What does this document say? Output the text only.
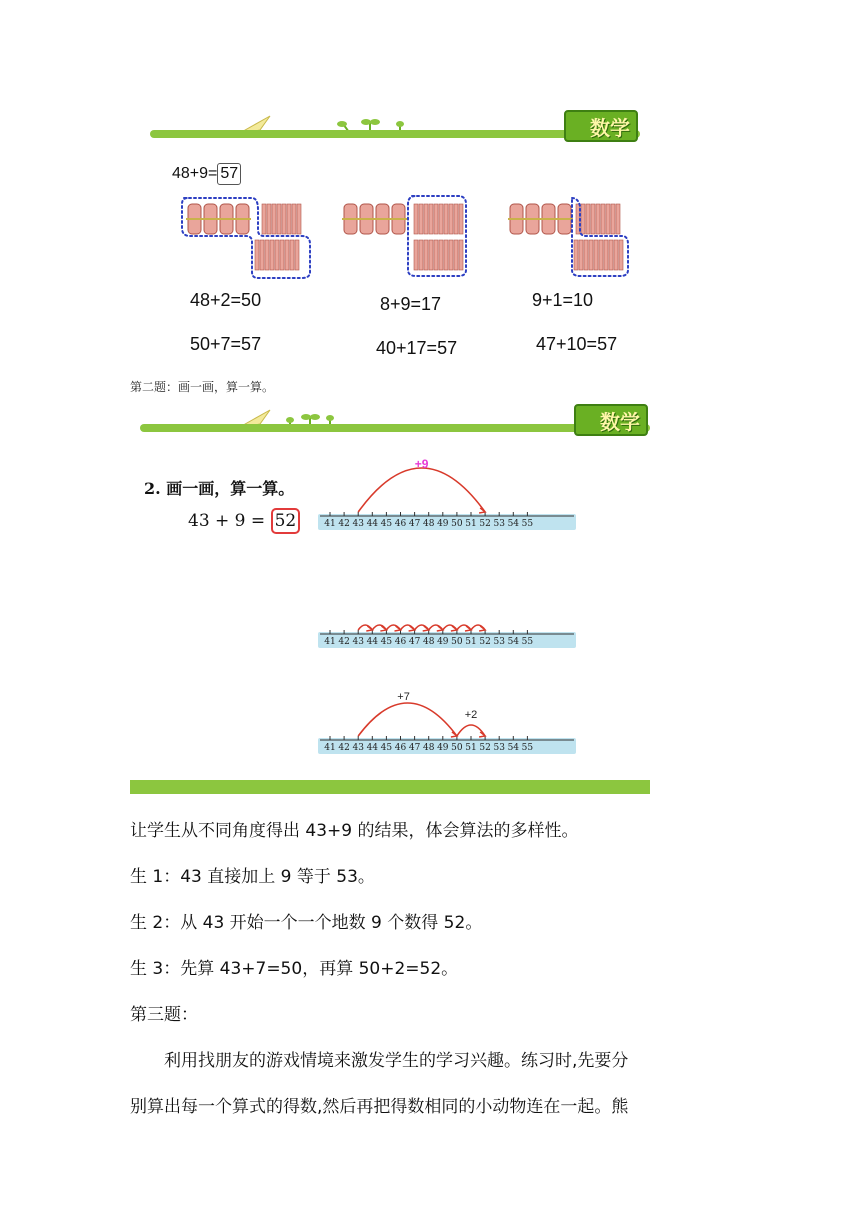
数学
48+9= 57
48+2=50
50+7=57
8+9=17
40+17=57
9+1=10
47+10=57
第二题：画一画，算一算。
数学
2. 画一画，算一算。
43 + 9 = 52	41 42 43 44 45 46 47 48 49 50 51 52 53 54 55
+9
41 42 43 44 45 46 47 48 49 50 51 52 53 54 55
41 42 43 44 45 46 47 48 49 50 51 52 53 54 55
+7
+2
让学生从不同角度得出 43+9 的结果，体会算法的多样性。
生 1：43 直接加上 9 等于 53。
生 2：从 43 开始一个一个地数 9 个数得 52。
生 3：先算 43+7=50，再算 50+2=52。
第三题：
利用找朋友的游戏情境来激发学生的学习兴趣。练习时,先要分
别算出每一个算式的得数,然后再把得数相同的小动物连在一起。熊
